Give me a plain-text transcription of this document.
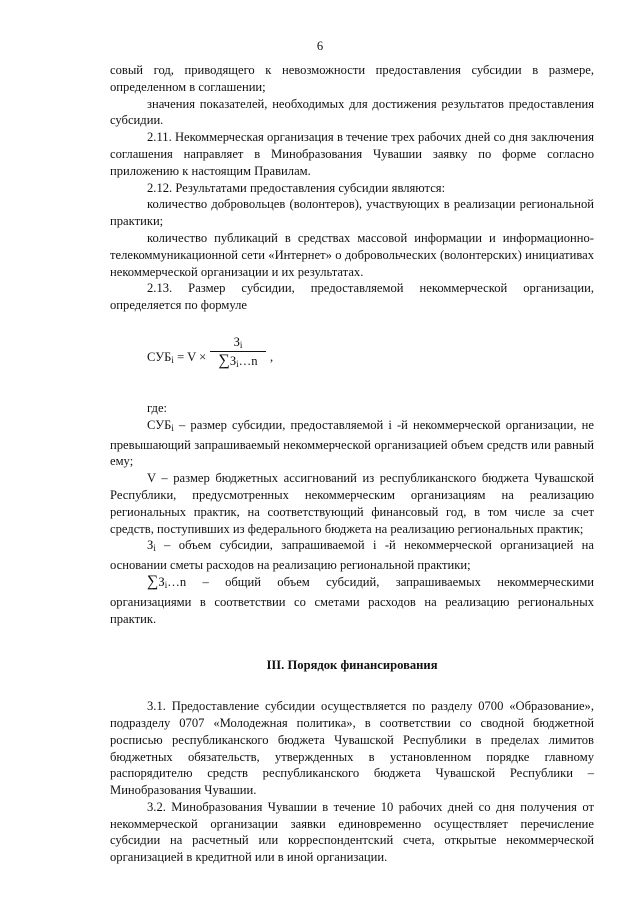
6

совый год, приводящего к невозможности предоставления субсидии в размере, определенном в соглашении;

значения показателей, необходимых для достижения результатов предоставления субсидии.

2.11. Некоммерческая организация в течение трех рабочих дней со дня заключения соглашения направляет в Минобразования Чувашии заявку по форме согласно приложению к настоящим Правилам.

2.12. Результатами предоставления субсидии являются:

количество добровольцев (волонтеров), участвующих в реализации региональной практики;

количество публикаций в средствах массовой информации и информационно-телекоммуникационной сети «Интернет» о добровольческих (волонтерских) инициативах некоммерческой организации и их результатах.

2.13. Размер субсидии, предоставляемой некоммерческой организации, определяется по формуле

$СУБ_i = V$ ×
$З_i$
$\sum З_i\dots n$ ,

где:

$СУБ_i$ – размер субсидии, предоставляемой i -й некоммерческой организации, не превышающий запрашиваемый некоммерческой организацией объем средств или равный ему;

V – размер бюджетных ассигнований из республиканского бюджета Чувашской Республики, предусмотренных некоммерческим организациям на реализацию региональных практик, на соответствующий финансовый год, в том числе за счет средств, поступивших из федерального бюджета на реализацию региональных практик;

$З_i$ – объем субсидии, запрашиваемой i -й некоммерческой организацией на основании сметы расходов на реализацию региональной практики;

$\sum З_i\dots n$ – общий объем субсидий, запрашиваемых некоммерческими организациями в соответствии со сметами расходов на реализацию региональных практик.

III. Порядок финансирования

3.1. Предоставление субсидии осуществляется по разделу 0700 «Образование», подразделу 0707 «Молодежная политика», в соответствии со сводной бюджетной росписью республиканского бюджета Чувашской Республики в пределах лимитов бюджетных обязательств, утвержденных в установленном порядке главному распорядителю средств республиканского бюджета Чувашской Республики – Минобразования Чувашии.

3.2. Минобразования Чувашии в течение 10 рабочих дней со дня получения от некоммерческой организации заявки единовременно осуществляет перечисление субсидии на расчетный или корреспондентский счета, открытые некоммерческой организацией в кредитной или в иной организации.
